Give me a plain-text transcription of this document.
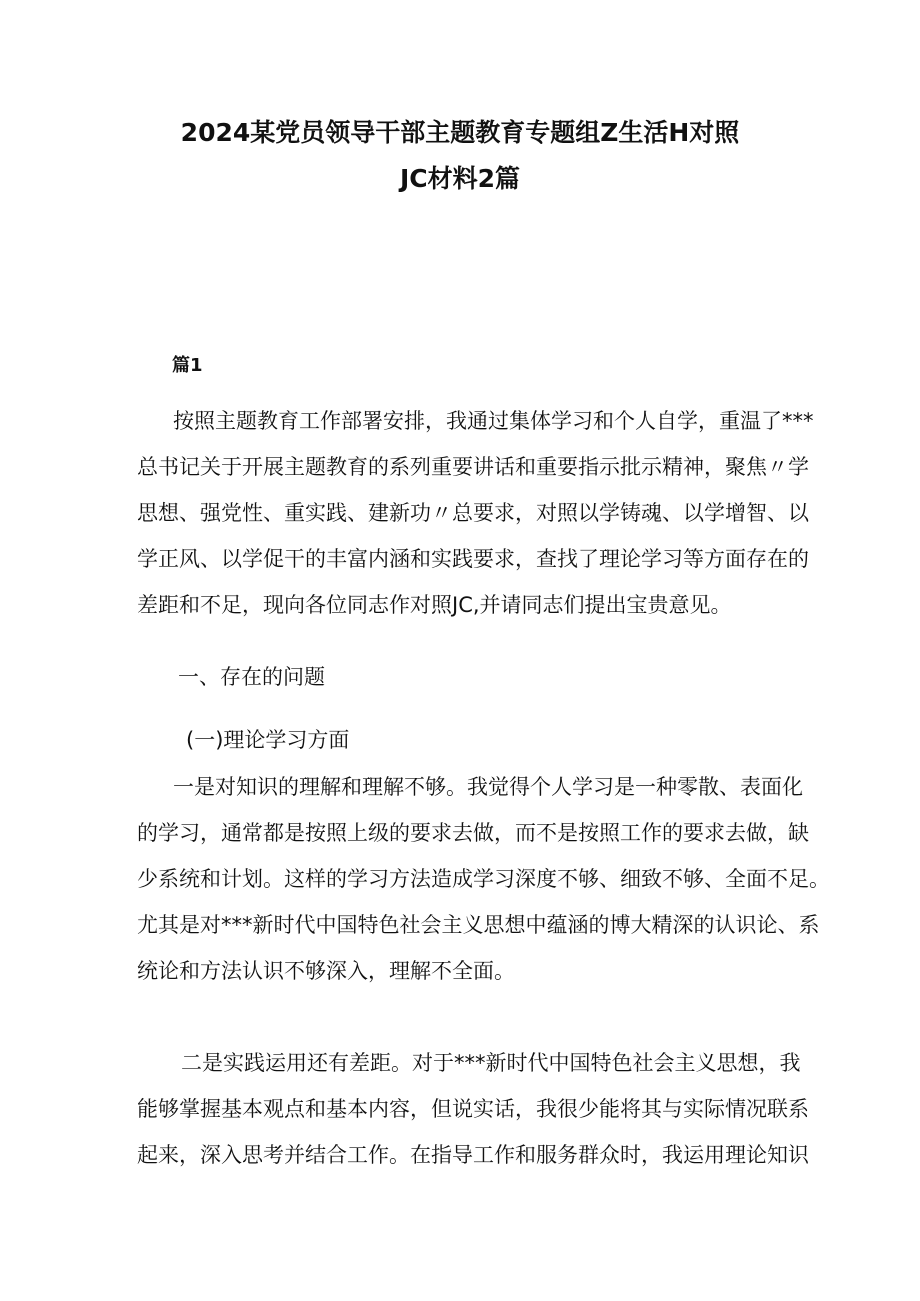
2024某党员领导干部主题教育专题组Z生活H对照
JC材料2篇
篇1
按照主题教育工作部署安排，我通过集体学习和个人自学，重温了***
总书记关于开展主题教育的系列重要讲话和重要指示批示精神，聚焦〃学
思想、强党性、重实践、建新功〃总要求，对照以学铸魂、以学增智、以
学正风、以学促干的丰富内涵和实践要求，查找了理论学习等方面存在的
差距和不足，现向各位同志作对照JC,并请同志们提出宝贵意见。
一、存在的问题
(一)理论学习方面
一是对知识的理解和理解不够。我觉得个人学习是一种零散、表面化
的学习，通常都是按照上级的要求去做，而不是按照工作的要求去做，缺
少系统和计划。这样的学习方法造成学习深度不够、细致不够、全面不足。
尤其是对***新时代中国特色社会主义思想中蕴涵的博大精深的认识论、系
统论和方法认识不够深入，理解不全面。
二是实践运用还有差距。对于***新时代中国特色社会主义思想，我
能够掌握基本观点和基本内容，但说实话，我很少能将其与实际情况联系
起来，深入思考并结合工作。在指导工作和服务群众时，我运用理论知识
